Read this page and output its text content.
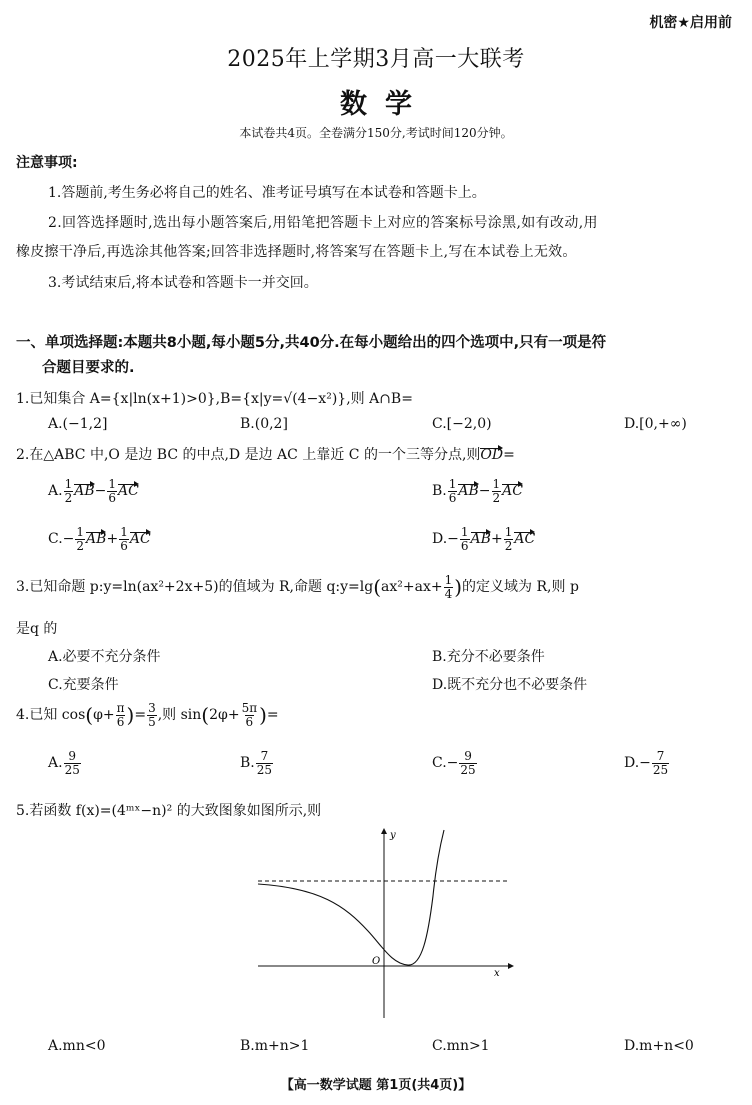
机密★启用前
2025年上学期3月高一大联考
数学
本试卷共4页。全卷满分150分,考试时间120分钟。
注意事项:
1.答题前,考生务必将自己的姓名、准考证号填写在本试卷和答题卡上。
2.回答选择题时,选出每小题答案后,用铅笔把答题卡上对应的答案标号涂黑,如有改动,用
橡皮擦干净后,再选涂其他答案;回答非选择题时,将答案写在答题卡上,写在本试卷上无效。
3.考试结束后,将本试卷和答题卡一并交回。
一、单项选择题:本题共8小题,每小题5分,共40分.在每小题给出的四个选项中,只有一项是符
合题目要求的.
1.已知集合 A={x|ln(x+1)>0},B={x|y=√(4−x²)},则 A∩B=
A.(−1,2]	B.(0,2]	C.[−2,0)	D.[0,+∞)
2.在△ABC 中,O 是边 BC 的中点,D 是边 AC 上靠近 C 的一个三等分点,则OD=
A. $\frac{1}{2} AB- \frac{1}{6}$ AC	B. $\frac{1}{6} AB- \frac{1}{2}$ AC
$C.- \frac{1}{2} AB+ \frac{1}{6}$ AC	$D.- \frac{1}{6} AB+ \frac{1}{2}$ AC
3.已知命题 p:y=ln(ax²+2x+5)的值域为 R,命题 q:y=lg(ax²+ax+ $\frac{1}{4}$ )的定义域为 R,则 p
是q 的
A.必要不充分条件	B.充分不必要条件
C.充要条件	D.既不充分也不必要条件
4.已知 $\cos(\varphi+ \frac{\pi}{6}$ )= $\frac{3}{5}$ ,则 $\sin(2\varphi+ \frac{5\pi}{6}$ )=
A. $\frac{9}{25}$	B. $\frac{7}{25}$	$C.- \frac{9}{25}$	$D.- \frac{7}{25}$
5.若函数 f(x)=(4ᵐˣ−n)² 的大致图象如图所示,则
y
x
O
A.mn<0	B.m+n>1	C.mn>1	D.m+n<0
【高一数学试题 第1页(共4页)】
